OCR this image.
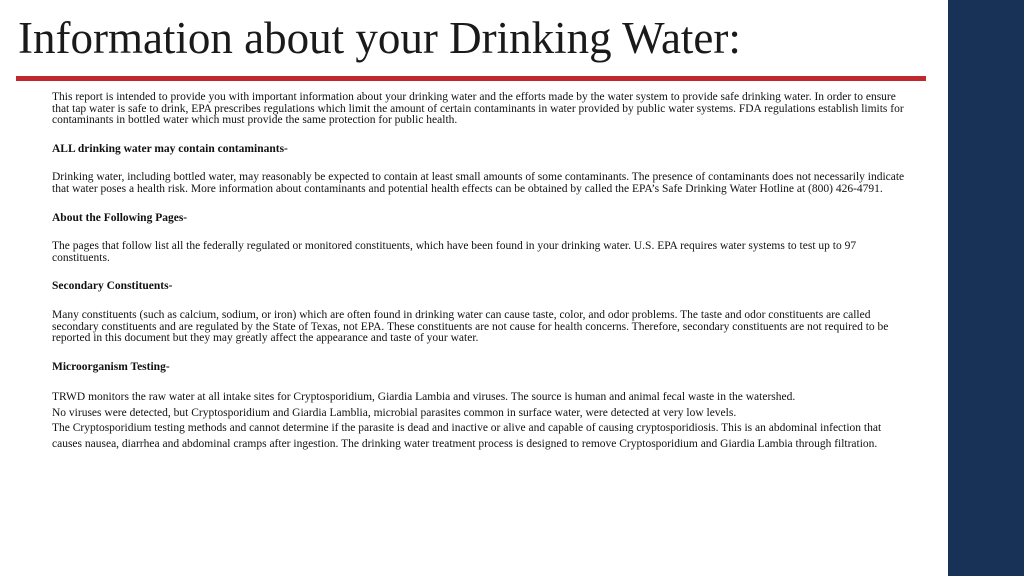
Information about your Drinking Water:

This report is intended to provide you with important information about your drinking water and the efforts made by the water system to provide safe drinking water. In order to ensure that tap water is safe to drink, EPA prescribes regulations which limit the amount of certain contaminants in water provided by public water systems. FDA regulations establish limits for contaminants in bottled water which must provide the same protection for public health.

ALL drinking water may contain contaminants-

Drinking water, including bottled water, may reasonably be expected to contain at least small amounts of some contaminants. The presence of contaminants does not necessarily indicate that water poses a health risk. More information about contaminants and potential health effects can be obtained by called the EPA’s Safe Drinking Water Hotline at (800) 426-4791.

About the Following Pages-

The pages that follow list all the federally regulated or monitored constituents, which have been found in your drinking water. U.S. EPA requires water systems to test up to 97 constituents.

Secondary Constituents-

Many constituents (such as calcium, sodium, or iron) which are often found in drinking water can cause taste, color, and odor problems. The taste and odor constituents are called secondary constituents and are regulated by the State of Texas, not EPA. These constituents are not cause for health concerns. Therefore, secondary constituents are not required to be reported in this document but they may greatly affect the appearance and taste of your water.

Microorganism Testing-

TRWD monitors the raw water at all intake sites for Cryptosporidium, Giardia Lambia and viruses. The source is human and animal fecal waste in the watershed.

No viruses were detected, but Cryptosporidium and Giardia Lamblia, microbial parasites common in surface water, were detected at very low levels.

The Cryptosporidium testing methods and cannot determine if the parasite is dead and inactive or alive and capable of causing cryptosporidiosis. This is an abdominal infection that causes nausea, diarrhea and abdominal cramps after ingestion. The drinking water treatment process is designed to remove Cryptosporidium and Giardia Lambia through filtration.
